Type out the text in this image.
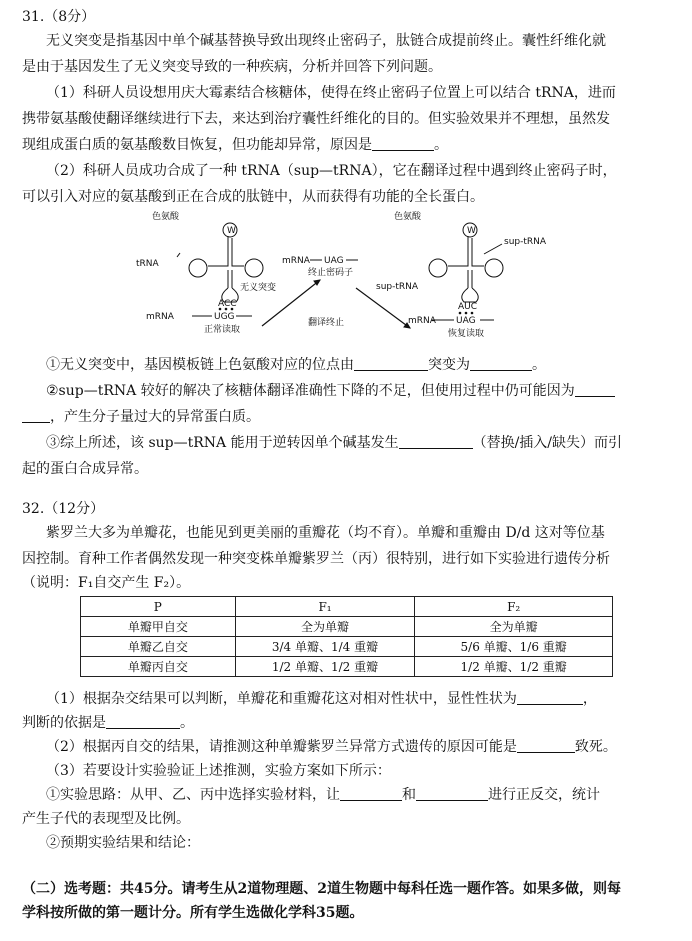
31.（8分）
无义突变是指基因中单个碱基替换导致出现终止密码子，肽链合成提前终止。囊性纤维化就
是由于基因发生了无义突变导致的一种疾病，分析并回答下列问题。
（1）科研人员设想用庆大霉素结合核糖体，使得在终止密码子位置上可以结合 tRNA，进而
携带氨基酸使翻译继续进行下去，来达到治疗囊性纤维化的目的。但实验效果并不理想，虽然发
现组成蛋白质的氨基酸数目恢复，但功能却异常，原因是	。
（2）科研人员成功合成了一种 tRNA（sup—tRNA），它在翻译过程中遇到终止密码子时，
可以引入对应的氨基酸到正在合成的肽链中，从而获得有功能的全长蛋白。
色氨酸
W
tRNA
ACC
mRNA	UGG
正常读取
无义突变
mRNA UAG
终止密码子
sup-tRNA
翻译终止
色氨酸
W
sup-tRNA
AUC
mRNA UAG
恢复读取
①无义突变中，基因模板链上色氨酸对应的位点由	突变为	。
②sup—tRNA 较好的解决了核糖体翻译准确性下降的不足，但使用过程中仍可能因为
，产生分子量过大的异常蛋白质。
③综上所述，该 sup—tRNA 能用于逆转因单个碱基发生	（替换/插入/缺失）而引
起的蛋白合成异常。
32.（12分）
紫罗兰大多为单瓣花，也能见到更美丽的重瓣花（均不育）。单瓣和重瓣由 D/d 这对等位基
因控制。育种工作者偶然发现一种突变株单瓣紫罗兰（丙）很特别，进行如下实验进行遗传分析
（说明：F₁自交产生 F₂）。
P	F₁	F₂
单瓣甲自交	全为单瓣	全为单瓣
单瓣乙自交	3/4 单瓣、1/4 重瓣	5/6 单瓣、1/6 重瓣
单瓣丙自交	1/2 单瓣、1/2 重瓣	1/2 单瓣、1/2 重瓣
（1）根据杂交结果可以判断，单瓣花和重瓣花这对相对性状中，显性性状为	，
判断的依据是	。
（2）根据丙自交的结果，请推测这种单瓣紫罗兰异常方式遗传的原因可能是	致死。
（3）若要设计实验验证上述推测，实验方案如下所示：
①实验思路：从甲、乙、丙中选择实验材料，让	和	进行正反交，统计
产生子代的表现型及比例。
②预期实验结果和结论：
（二）选考题：共45分。请考生从2道物理题、2道生物题中每科任选一题作答。如果多做，则每
学科按所做的第一题计分。所有学生选做化学科35题。
